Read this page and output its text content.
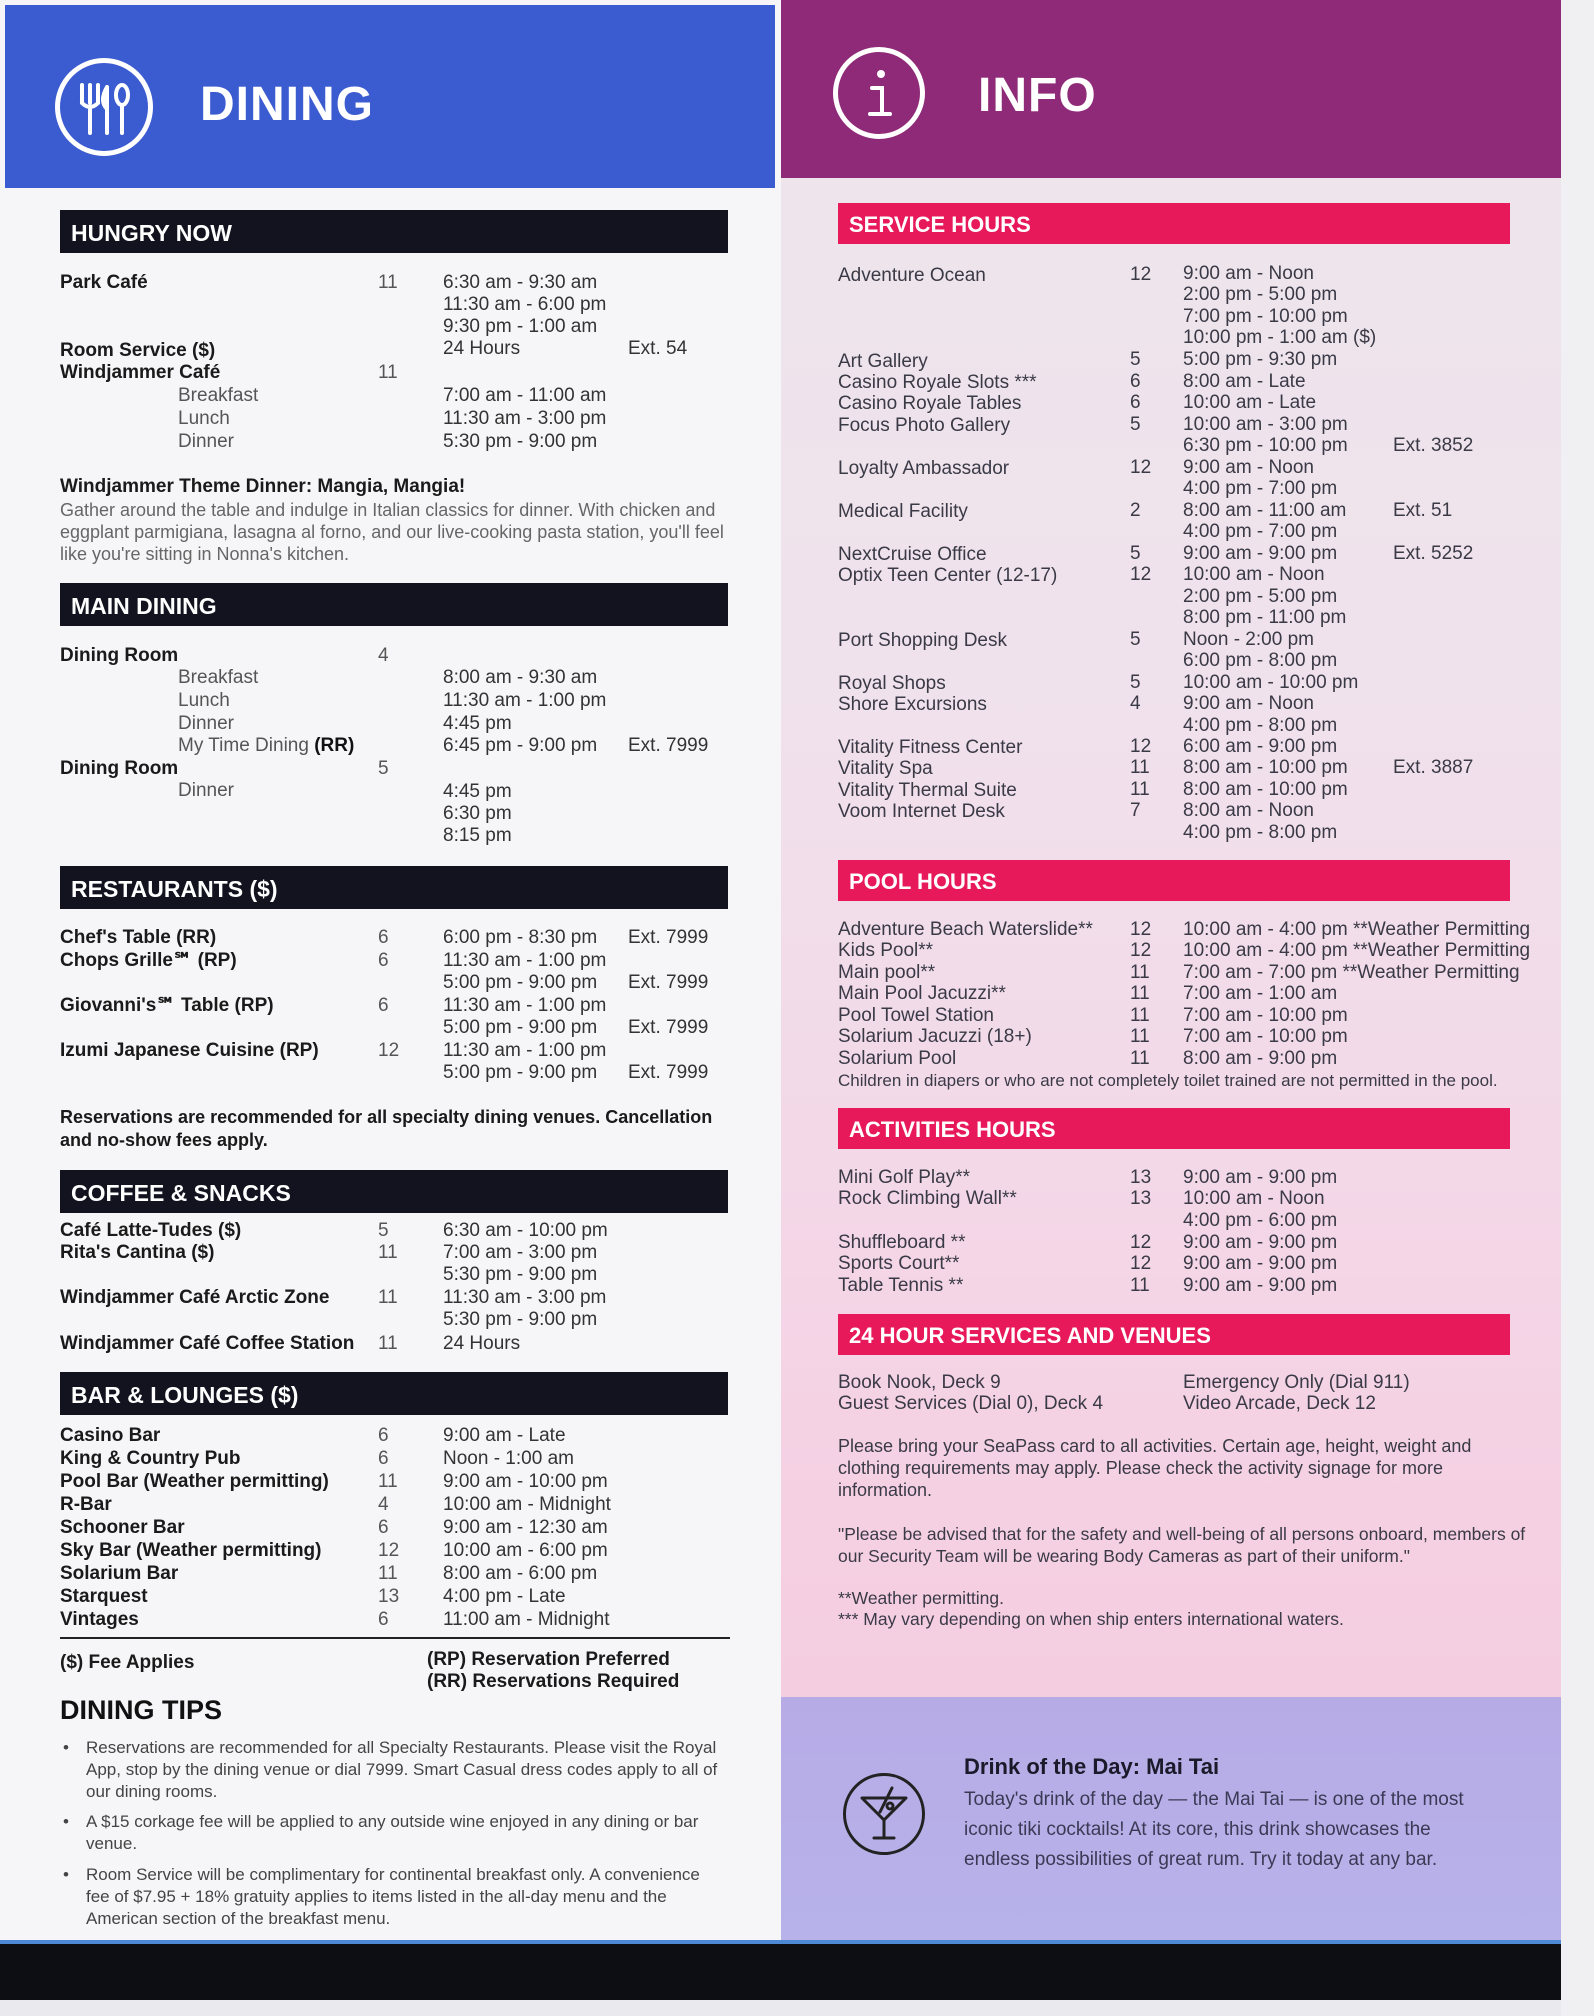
DINING
HUNGRY NOW
Park Café	11 6:30 am - 9:30 am
11:30 am - 6:00 pm
9:30 pm - 1:00 am
Room Service ($)	24 Hours	Ext. 54
Windjammer Café	11
Breakfast	7:00 am - 11:00 am
Lunch	11:30 am - 3:00 pm
Dinner	5:30 pm - 9:00 pm
Windjammer Theme Dinner: Mangia, Mangia!
Gather around the table and indulge in Italian classics for dinner. With chicken and eggplant parmigiana, lasagna al forno, and our live-cooking pasta station, you'll feel like you're sitting in Nonna's kitchen.
MAIN DINING
Dining Room	4
Breakfast	8:00 am - 9:30 am
Lunch	11:30 am - 1:00 pm
Dinner	4:45 pm
My Time Dining (RR)	6:45 pm - 9:00 pm Ext. 7999
Dining Room	5
Dinner	4:45 pm
6:30 pm
8:15 pm
RESTAURANTS ($)
Chef's Table (RR)	6	6:00 pm - 8:30 pm Ext. 7999
Chops Grille℠ (RP)	6	11:30 am - 1:00 pm
5:00 pm - 9:00 pm Ext. 7999
Giovanni's℠ Table (RP)	6	11:30 am - 1:00 pm
5:00 pm - 9:00 pm Ext. 7999
Izumi Japanese Cuisine (RP)	12 11:30 am - 1:00 pm
5:00 pm - 9:00 pm Ext. 7999
Reservations are recommended for all specialty dining venues. Cancellation and no-show fees apply.
COFFEE & SNACKS
Café Latte-Tudes ($)	5	6:30 am - 10:00 pm
Rita's Cantina ($)	11 7:00 am - 3:00 pm
5:30 pm - 9:00 pm
Windjammer Café Arctic Zone	11 11:30 am - 3:00 pm
5:30 pm - 9:00 pm
Windjammer Café Coffee Station 11 24 Hours
BAR & LOUNGES ($)
Casino Bar	6	9:00 am - Late
King & Country Pub	6	Noon - 1:00 am
Pool Bar (Weather permitting)	11 9:00 am - 10:00 pm
R-Bar	4	10:00 am - Midnight
Schooner Bar	6	9:00 am - 12:30 am
Sky Bar (Weather permitting)	12 10:00 am - 6:00 pm
Solarium Bar	11 8:00 am - 6:00 pm
Starquest	13 4:00 pm - Late
Vintages	6	11:00 am - Midnight
($) Fee Applies	(RP) Reservation Preferred
(RR) Reservations Required
DINING TIPS
• Reservations are recommended for all Specialty Restaurants. Please visit the Royal App, stop by the dining venue or dial 7999. Smart Casual dress codes apply to all of our dining rooms.
• A $15 corkage fee will be applied to any outside wine enjoyed in any dining or bar venue.
• Room Service will be complimentary for continental breakfast only. A convenience fee of $7.95 + 18% gratuity applies to items listed in the all-day menu and the American section of the breakfast menu.
INFO
SERVICE HOURS
Adventure Ocean	12 9:00 am - Noon
2:00 pm - 5:00 pm
7:00 pm - 10:00 pm
10:00 pm - 1:00 am ($)
Art Gallery	5 5:00 pm - 9:30 pm
Casino Royale Slots ***	6 8:00 am - Late
Casino Royale Tables	6 10:00 am - Late
Focus Photo Gallery	5 10:00 am - 3:00 pm
6:30 pm - 10:00 pm Ext. 3852
Loyalty Ambassador	12 9:00 am - Noon
4:00 pm - 7:00 pm
Medical Facility	2 8:00 am - 11:00 am Ext. 51
4:00 pm - 7:00 pm
NextCruise Office	5 9:00 am - 9:00 pm	Ext. 5252
Optix Teen Center (12-17)	12 10:00 am - Noon
2:00 pm - 5:00 pm
8:00 pm - 11:00 pm
Port Shopping Desk	5 Noon - 2:00 pm
6:00 pm - 8:00 pm
Royal Shops	5 10:00 am - 10:00 pm
Shore Excursions	4 9:00 am - Noon
4:00 pm - 8:00 pm
Vitality Fitness Center	12 6:00 am - 9:00 pm
Vitality Spa	11 8:00 am - 10:00 pm Ext. 3887
Vitality Thermal Suite	11 8:00 am - 10:00 pm
Voom Internet Desk	7 8:00 am - Noon
4:00 pm - 8:00 pm
POOL HOURS
Adventure Beach Waterslide** 12 10:00 am - 4:00 pm **Weather Permitting
Kids Pool**	12 10:00 am - 4:00 pm **Weather Permitting
Main pool**	11 7:00 am - 7:00 pm **Weather Permitting
Main Pool Jacuzzi**	11 7:00 am - 1:00 am
Pool Towel Station	11 7:00 am - 10:00 pm
Solarium Jacuzzi (18+)	11 7:00 am - 10:00 pm
Solarium Pool	11 8:00 am - 9:00 pm
Children in diapers or who are not completely toilet trained are not permitted in the pool.
ACTIVITIES HOURS
Mini Golf Play**	13 9:00 am - 9:00 pm
Rock Climbing Wall**	13 10:00 am - Noon
4:00 pm - 6:00 pm
Shuffleboard **	12 9:00 am - 9:00 pm
Sports Court**	12 9:00 am - 9:00 pm
Table Tennis **	11 9:00 am - 9:00 pm
24 HOUR SERVICES AND VENUES
Book Nook, Deck 9	Emergency Only (Dial 911)
Guest Services (Dial 0), Deck 4	Video Arcade, Deck 12
Please bring your SeaPass card to all activities. Certain age, height, weight and clothing requirements may apply. Please check the activity signage for more information.
"Please be advised that for the safety and well-being of all persons onboard, members of our Security Team will be wearing Body Cameras as part of their uniform."
**Weather permitting.
*** May vary depending on when ship enters international waters.
Drink of the Day: Mai Tai
Today's drink of the day — the Mai Tai — is one of the most iconic tiki cocktails! At its core, this drink showcases the endless possibilities of great rum. Try it today at any bar.
